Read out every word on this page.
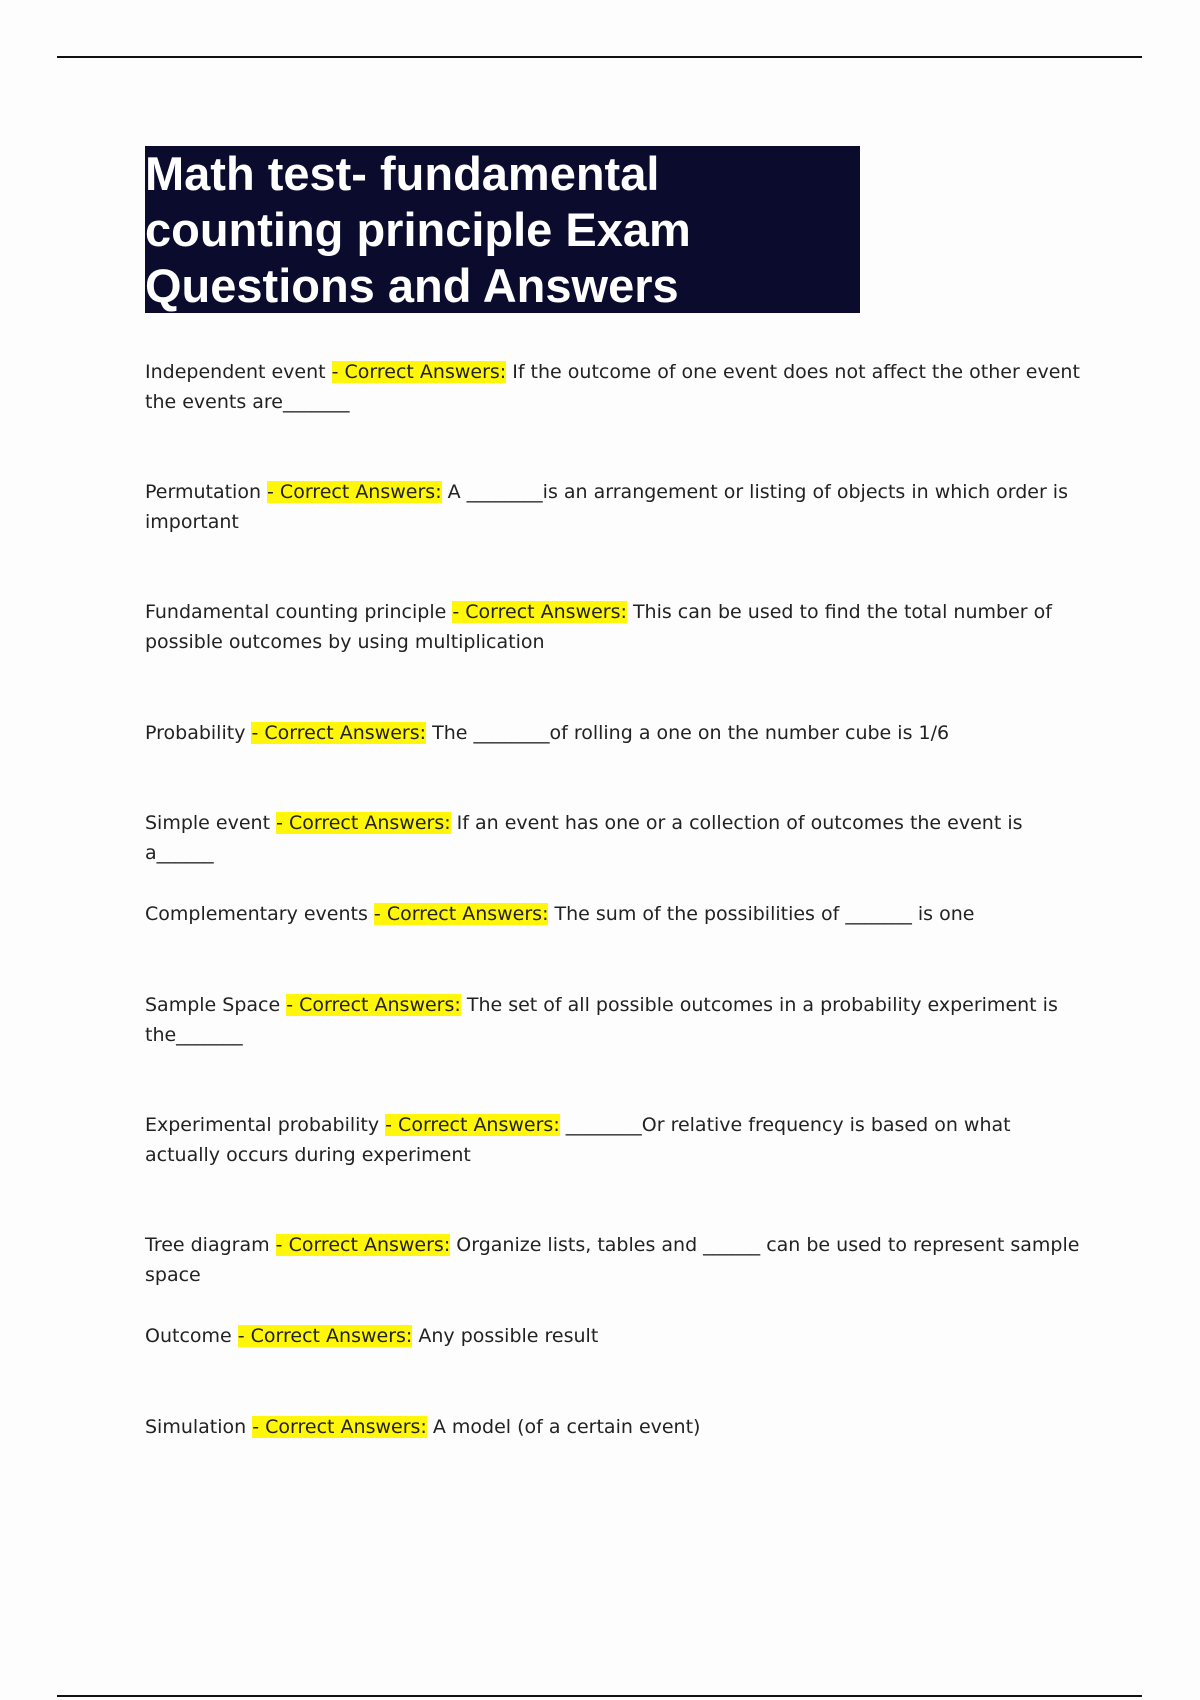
Math test- fundamental counting principle Exam Questions and Answers
Independent event - Correct Answers: If the outcome of one event does not affect the other event the events are_______
Permutation - Correct Answers: A ________is an arrangement or listing of objects in which order is important
Fundamental counting principle - Correct Answers: This can be used to find the total number of possible outcomes by using multiplication
Probability - Correct Answers: The ________of rolling a one on the number cube is 1/6
Simple event - Correct Answers: If an event has one or a collection of outcomes the event is a______
Complementary events - Correct Answers: The sum of the possibilities of _______ is one
Sample Space - Correct Answers: The set of all possible outcomes in a probability experiment is the_______
Experimental probability - Correct Answers: ________Or relative frequency is based on what actually occurs during experiment
Tree diagram - Correct Answers: Organize lists, tables and ______ can be used to represent sample space
Outcome - Correct Answers: Any possible result
Simulation - Correct Answers: A model (of a certain event)
